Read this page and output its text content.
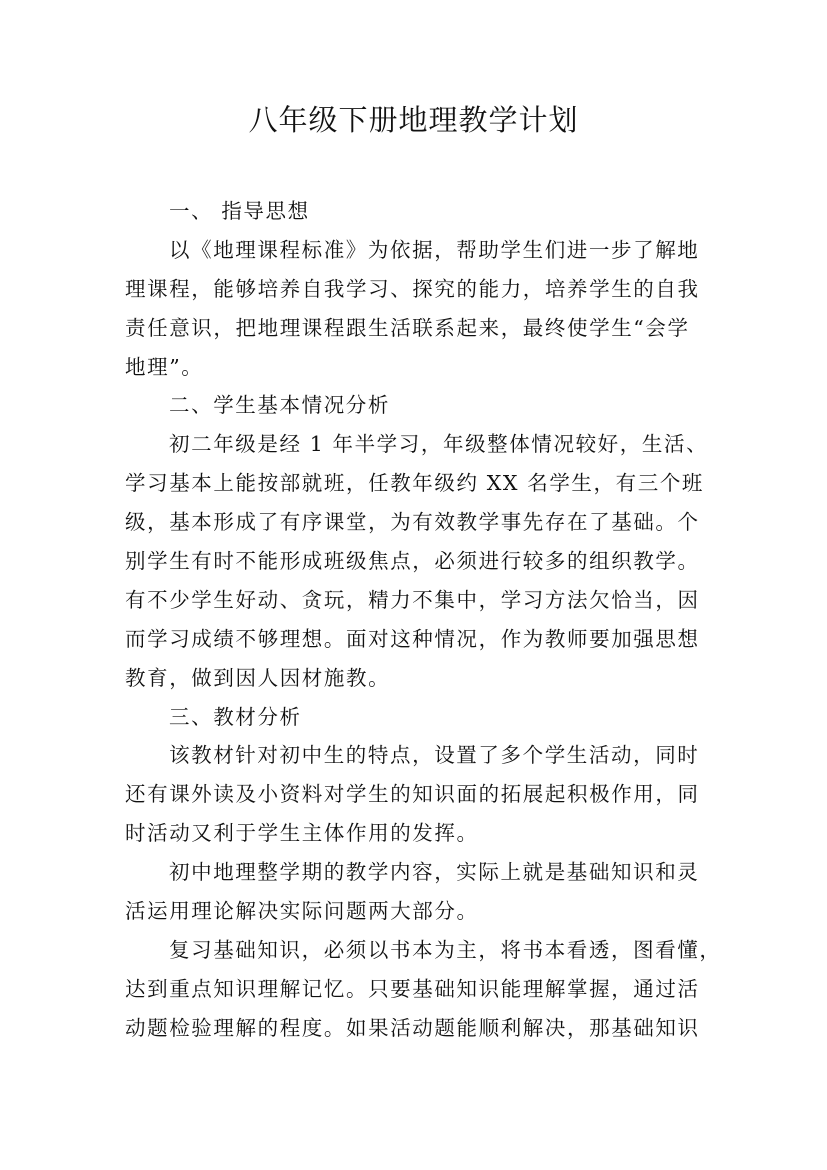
八年级下册地理教学计划
一、 指导思想
以《地理课程标准》为依据，帮助学生们进一步了解地
理课程，能够培养自我学习、探究的能力，培养学生的自我
责任意识，把地理课程跟生活联系起来，最终使学生“会学
地理”。
二、学生基本情况分析
初二年级是经 1 年半学习，年级整体情况较好，生活、
学习基本上能按部就班，任教年级约 XX 名学生，有三个班
级，基本形成了有序课堂，为有效教学事先存在了基础。个
别学生有时不能形成班级焦点，必须进行较多的组织教学。
有不少学生好动、贪玩，精力不集中，学习方法欠恰当，因
而学习成绩不够理想。面对这种情况，作为教师要加强思想
教育，做到因人因材施教。
三、教材分析
该教材针对初中生的特点，设置了多个学生活动，同时
还有课外读及小资料对学生的知识面的拓展起积极作用，同
时活动又利于学生主体作用的发挥。
初中地理整学期的教学内容，实际上就是基础知识和灵
活运用理论解决实际问题两大部分。
复习基础知识，必须以书本为主，将书本看透，图看懂，
达到重点知识理解记忆。只要基础知识能理解掌握，通过活
动题检验理解的程度。如果活动题能顺利解决，那基础知识
